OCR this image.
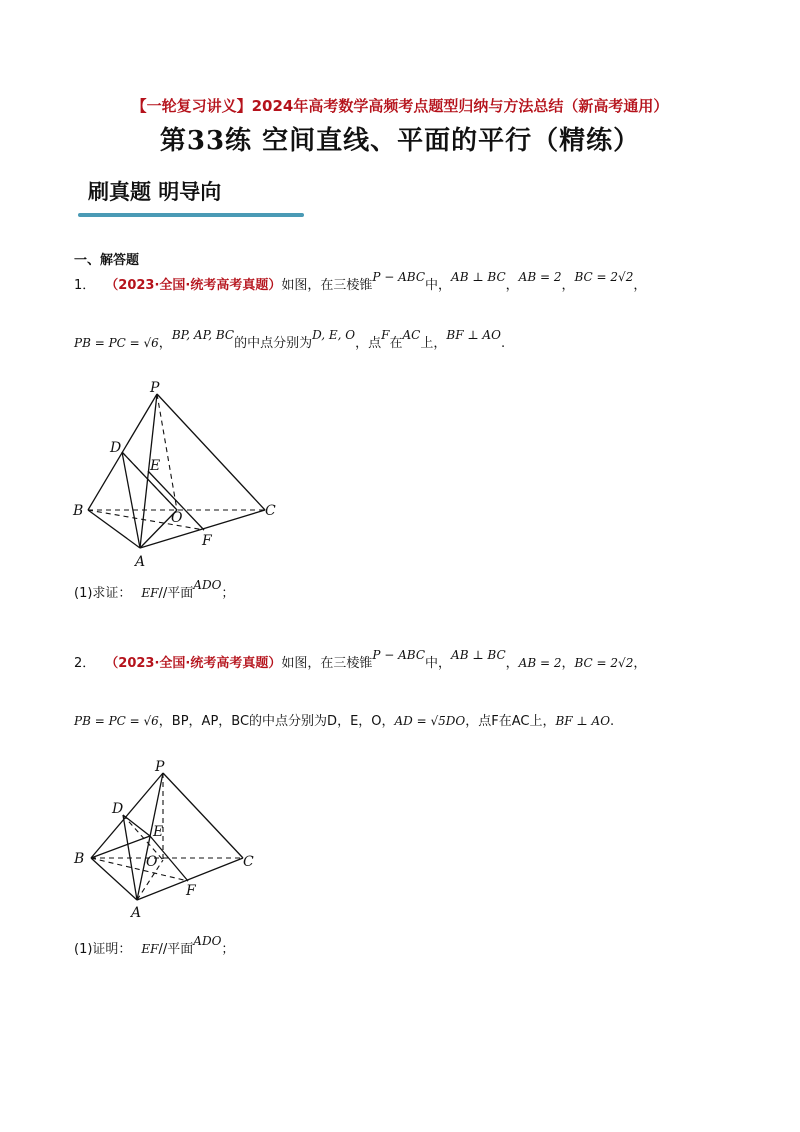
【一轮复习讲义】2024年高考数学高频考点题型归纳与方法总结（新高考通用）
第33练 空间直线、平面的平行（精练）
刷真题 明导向
一、解答题
1． （2023·全国·统考高考真题）如图，在三棱锥P − ABC中，AB ⊥ BC，AB = 2，BC = 2√2，
PB = PC = √6，BP, AP, BC的中点分别为D, E, O，点F在AC上，BF ⊥ AO.
P
D
E
B	O	C
F
A
(1)求证： EF//平面ADO；
2． （2023·全国·统考高考真题）如图，在三棱锥P − ABC中，AB ⊥ BC，AB = 2，BC = 2√2，
PB = PC = √6，BP，AP，BC的中点分别为D，E，O，AD = √5DO，点F在AC上，BF ⊥ AO.
P
D
E
B	O	C
F
A
(1)证明： EF//平面ADO；
